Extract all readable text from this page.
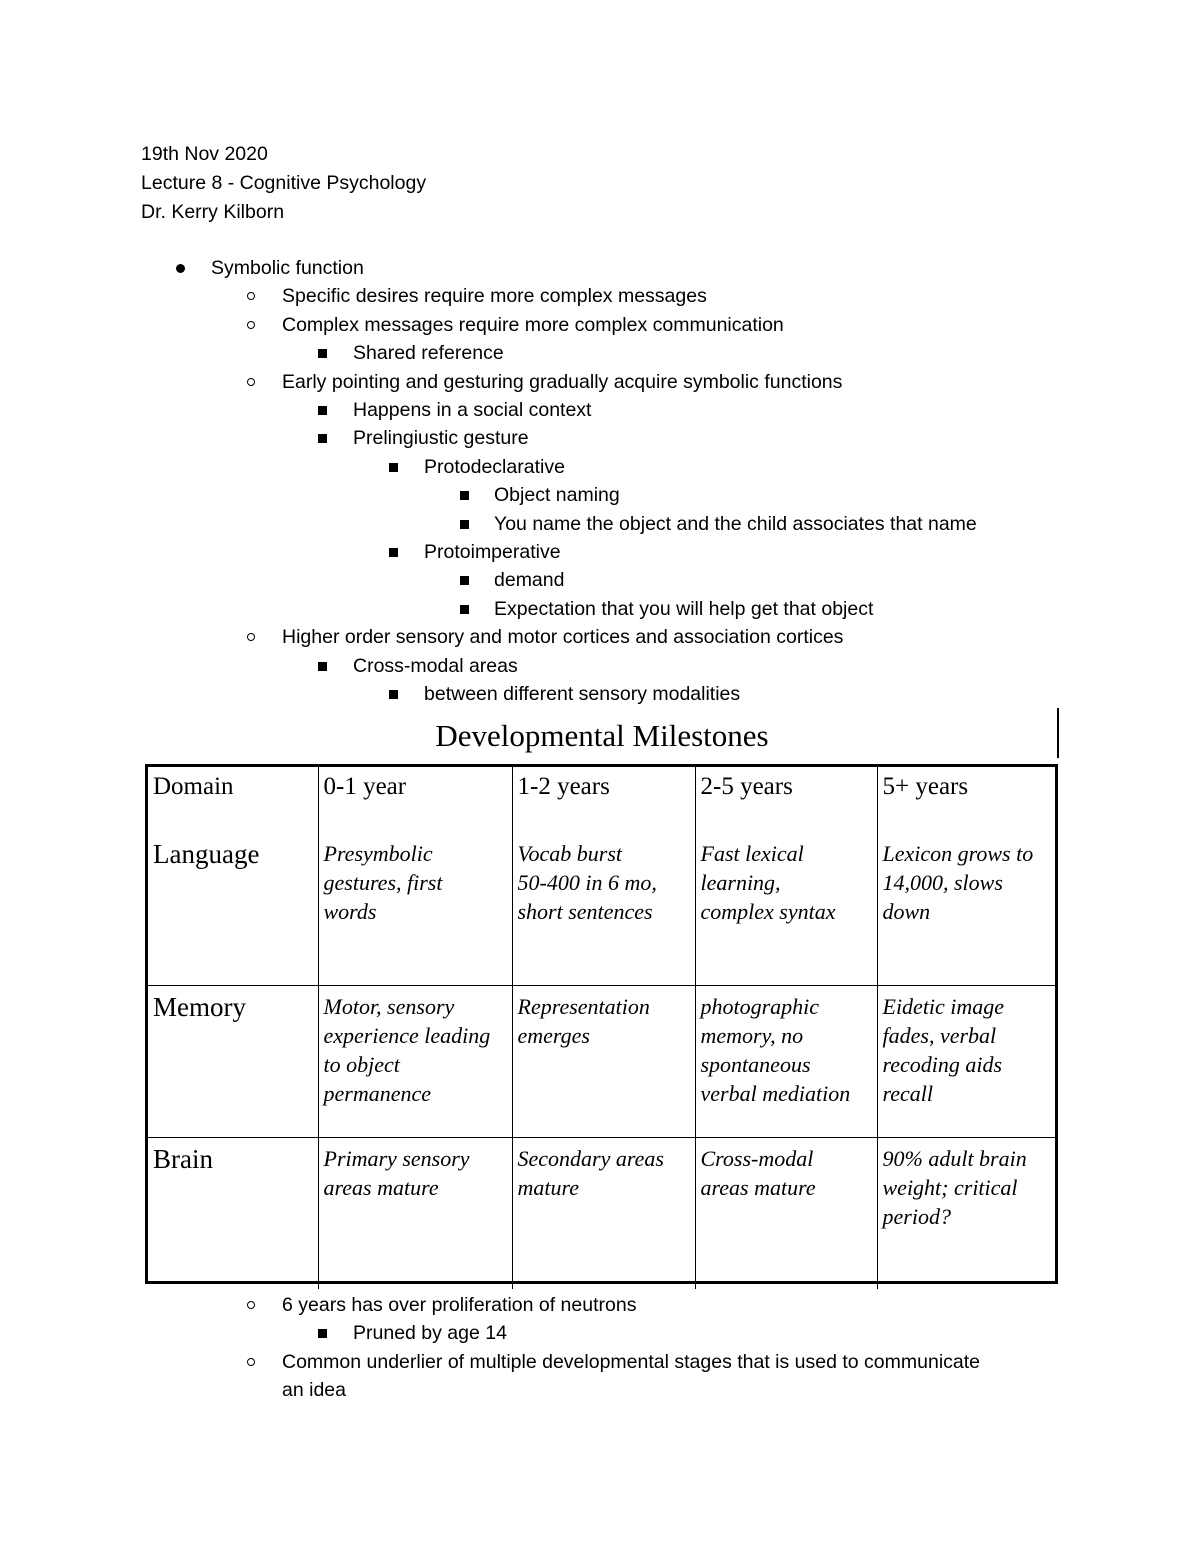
19th Nov 2020
Lecture 8 - Cognitive Psychology
Dr. Kerry Kilborn
Symbolic function
Specific desires require more complex messages
Complex messages require more complex communication
Shared reference
Early pointing and gesturing gradually acquire symbolic functions
Happens in a social context
Prelingiustic gesture
Protodeclarative
Object naming
You name the object and the child associates that name
Protoimperative
demand
Expectation that you will help get that object
Higher order sensory and motor cortices and association cortices
Cross-modal areas
between different sensory modalities
Developmental Milestones
Domain	0-1 year	1-2 years	2-5 years	5+ years
Language	Presymbolic
gestures, first
words	Vocab burst
50-400 in 6 mo,
short sentences	Fast lexical
learning,
complex syntax	Lexicon grows to
14,000, slows
down

Memory	Motor, sensory
experience leading
to object
permanence	Representation
emerges	photographic
memory, no
spontaneous
verbal mediation	Eidetic image
fades, verbal
recoding aids
recall

Brain	Primary sensory
areas mature	Secondary areas
mature	Cross-modal
areas mature	90% adult brain
weight; critical
period?
6 years has over proliferation of neutrons
Pruned by age 14
Common underlier of multiple developmental stages that is used to communicate
an idea
